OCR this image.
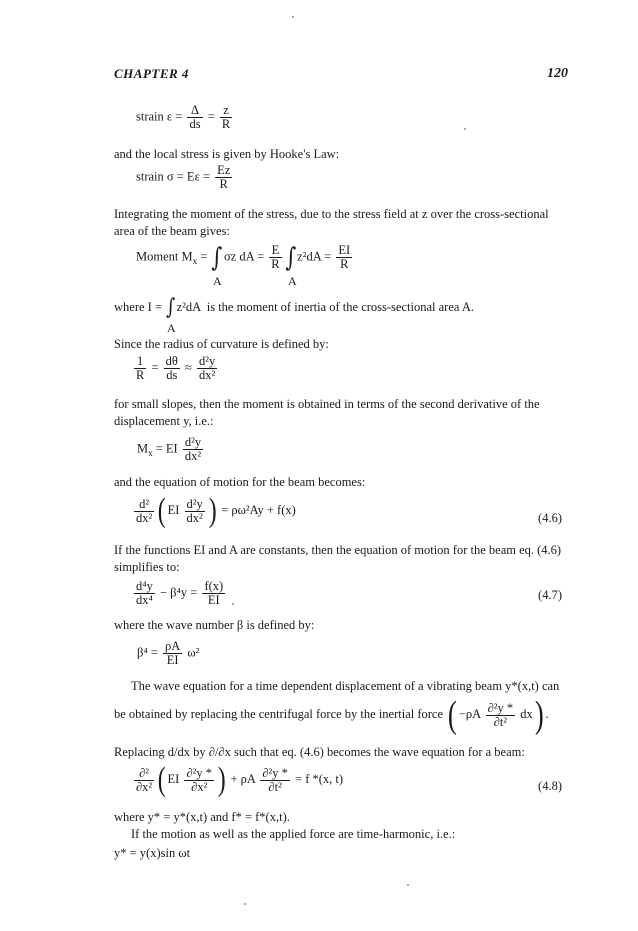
CHAPTER 4	120
strain $\varepsilon = \frac{\Delta}{ds} = \frac{z}{R}$
and the local stress is given by Hooke's Law:
strain $\sigma = E\varepsilon = \frac{Ez}{R}$
Integrating the moment of the stress, due to the stress field at z over the cross-sectional
area of the beam gives:
Moment $M_x = \int\sigma z$ dA = $\frac{E}{R} \int z^2dA = \frac{EI}{R}$
A	A
where I = ∫z²dA is the moment of inertia of the cross-sectional area A.
A
Since the radius of curvature is defined by:
$\frac{1}{R} = \frac{d\theta}{ds} \approx \frac{\text{d²y}}{\text{dx²}}$
for small slopes, then the moment is obtained in terms of the second derivative of the
displacement y, i.e.:
$M_x$ = EI $\frac{\text{d²y}}{\text{dx²}}$
and the equation of motion for the beam becomes:
$\frac{\text{d²}}{\text{dx²}}$ ( EI $\frac{\text{d²y}}{\text{dx²}}$ ) = ρω²Ay + f(x)
(4.6)
If the functions EI and A are constants, then the equation of motion for the beam eq. (4.6)
simplifies to:
$\frac{\text{d⁴y}}{\text{dx⁴}} - \beta^4y = \frac{f(x)}{EI}$	(4.7)
where the wave number β is defined by:
$\beta^4 = \frac{\rho A}{EI} \omega^2$
The wave equation for a time dependent displacement of a vibrating beam y*(x,t) can
be obtained by replacing the centrifugal force by the inertial force ( $-\rho A \frac{\text{∂²y *}}{\text{∂t²}} dx$) .
Replacing d/dx by ∂/∂x such that eq. (4.6) becomes the wave equation for a beam:
$\frac{\text{∂²}}{\text{∂x²}}$ ( EI $\frac{\text{∂²y *}}{\text{∂x²}}$ ) + ρA $\frac{\text{∂²y *}}{\text{∂t²}} = f$ *(x, t)
(4.8)
where y* = y*(x,t) and f* = f*(x,t).
If the motion as well as the applied force are time-harmonic, i.e.:
y* = y(x)sin ωt
